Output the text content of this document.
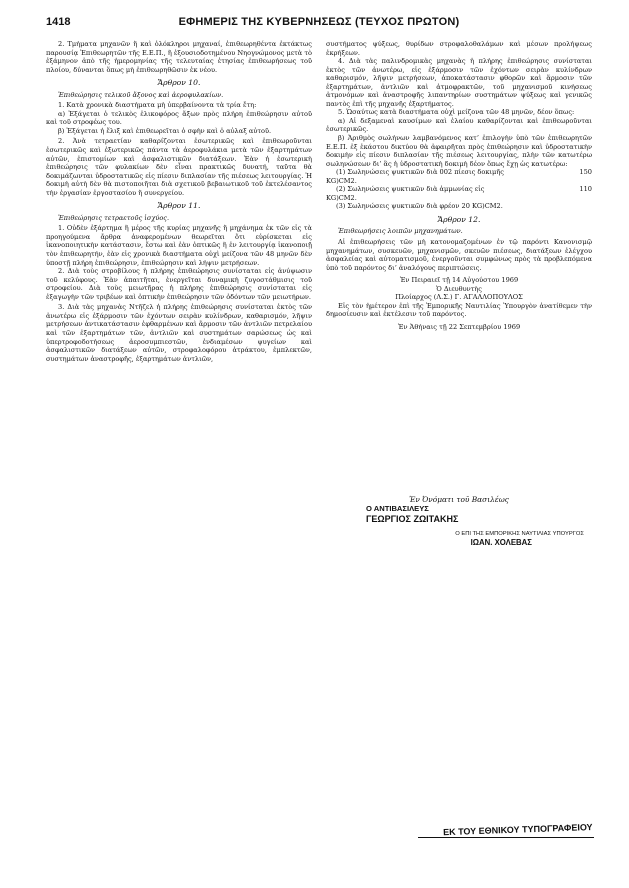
1418	ΕΦΗΜΕΡΙΣ ΤΗΣ ΚΥΒΕΡΝΗΣΕΩΣ (ΤΕΥΧΟΣ ΠΡΩΤΟΝ)

2. Τμήματα μηχανῶν ἢ καὶ ὁλόκληροι μηχαναί, ἐπιθεωρηθέντα ἐκτάκτως παρουσίᾳ Ἐπιθεωρητῶν τῆς Ε.Ε.Π., ἢ ἐξουσιοδοτημένου Νηογνώμονος μετὰ τὸ ἐξάμηνον ἀπὸ τῆς ἡμερομηνίας τῆς τελευταίας ἐτησίας ἐπιθεωρήσεως τοῦ πλοίου, δύνανται ὅπως μὴ ἐπιθεωρηθῶσιν ἐκ νέου.

Ἄρθρον 10.

Ἐπιθεώρησις τελικοῦ ἄξονος καὶ ἀεροφυλακίων.

1. Κατὰ χρονικὰ διαστήματα μὴ ὑπερβαίνοντα τὰ τρία ἔτη:

α) Ἐξάγεται ὁ τελικὸς ἑλικοφόρος ἄξων πρὸς πλήρη ἐπιθεώρησιν αὐτοῦ καὶ τοῦ στροφέως του.

β) Ἐξάγεται ἡ ἕλιξ καὶ ἐπιθεωρεῖται ὁ σφὴν καὶ ὁ αὐλαξ αὐτοῦ.

2. Ἀνὰ τετραετίαν καθαρίζονται ἐσωτερικῶς καὶ ἐπιθεωροῦνται ἐσωτερικῶς καὶ ἐξωτερικῶς πάντα τὰ ἀεροφυλάκια μετὰ τῶν ἐξαρτημάτων αὐτῶν, ἐπιστομίων καὶ ἀσφαλιστικῶν διατάξεων. Ἐὰν ἡ ἐσωτερικὴ ἐπιθεώρησις τῶν φυλακίων δὲν εἶναι πρακτικῶς δυνατή, ταῦτα θὰ δοκιμάζωνται ὑδροστατικῶς εἰς πίεσιν διπλασίαν τῆς πιέσεως λειτουργίας. Ἡ δοκιμὴ αὐτὴ δὲν θὰ πιστοποιῆται διὰ σχετικοῦ βεβαιωτικοῦ τοῦ ἐκτελέσαντος τὴν ἐργασίαν ἐργοστασίου ἢ συνεργείου.

Ἄρθρον 11.

Ἐπιθεώρησις τετραετοῦς ἰσχύος.

1. Οὐδὲν ἐξάρτημα ἢ μέρος τῆς κυρίας μηχανῆς ἢ μηχάνημα ἐκ τῶν εἰς τὰ προηγούμενα ἄρθρα ἀναφερομένων θεωρεῖται ὅτι εὑρίσκεται εἰς ἱκανοποιητικὴν κατάστασιν, ἔστω καὶ ἐὰν ὀπτικῶς ἢ ἐν λειτουργίᾳ ἱκανοποιῇ τὸν ἐπιθεωρητήν, ἐὰν εἰς χρονικὰ διαστήματα οὐχὶ μείζονα τῶν 48 μηνῶν δὲν ὑποστῇ πλήρη ἐπιθεώρησιν, ἐπιθεώρησιν καὶ λήψιν μετρήσεων.

2. Διὰ τοὺς στροβίλους ἡ πλήρης ἐπιθεώρησις συνίσταται εἰς ἀνύψωσιν τοῦ κελύφους. Ἐὰν ἀπαιτῆται, ἐνεργεῖται δυναμικὴ ζυγοστάθμισις τοῦ στροφείου. Διὰ τοὺς μειωτῆρας ἡ πλήρης ἐπιθεώρησις συνίσταται εἰς ἐξαγωγὴν τῶν τριβέων καὶ ὀπτικὴν ἐπιθεώρησιν τῶν ὀδόντων τῶν μειωτήρων.

3. Διὰ τὰς μηχανὰς Ντῆζελ ἡ πλήρης ἐπιθεώρησις συνίσταται ἐκτὸς τῶν ἀνωτέρω εἰς ἐξάρμοσιν τῶν ἐχόντων σειρὰν κυλίνδρων, καθαρισμόν, λῆψιν μετρήσεων ἀντικατάστασιν ἐφθαρμένων καὶ ἅρμοσιν τῶν ἀντλιῶν πετρελαίου καὶ τῶν ἐξαρτημάτων τῶν, ἀντλιῶν καὶ συστημάτων σαρώσεως ὡς καὶ ὑπερτροφοδοτήσεως ἀεροσυμπιεστῶν, ἐνδιαμέσων ψυγείων καὶ ἀσφαλιστικῶν διατάξεων αὐτῶν, στροφαλοφόρου ἀτράκτου, ἐμπλεκτῶν, συστημάτων ἀναστροφῆς, ἐξαρτημάτων ἀντλιῶν,

συστήματος ψύξεως, θυρίδων στροφαλοθαλάμων καὶ μέσων προλήψεως ἐκρήξεων.

4. Διὰ τὰς παλινδρομικὰς μηχανὰς ἡ πλήρης ἐπιθεώρησις συνίσταται ἐκτὸς τῶν ἀνωτέρω, εἰς ἐξάρμοσιν τῶν ἐχόντων σειρὰν κυλίνδρων καθαρισμόν, λῆψιν μετρήσεων, ἀποκατάστασιν φθορῶν καὶ ἅρμοσιν τῶν ἐξαρτημάτων, ἀντλιῶν καὶ ἀτμοφρακτῶν, τοῦ μηχανισμοῦ κινήσεως ἀτμονόμων καὶ ἀναστροφῆς λιπαντηρίων συστημάτων ψύξεως καὶ γενικῶς παντὸς ἐπὶ τῆς μηχανῆς ἐξαρτήματος.

5. Ὡσαύτως κατὰ διαστήματα οὐχὶ μείζονα τῶν 48 μηνῶν, δέον ὅπως:

α) Αἱ δεξαμεναὶ καυσίμων καὶ ἐλαίου καθαρίζονται καὶ ἐπιθεωροῦνται ἐσωτερικῶς.

β) Ἀριθμὸς σωλήνων λαμβανόμενος κατ’ ἐπιλογὴν ὑπὸ τῶν ἐπιθεωρητῶν Ε.Ε.Π. ἐξ ἑκάστου δικτύου θὰ ἀφαιρῆται πρὸς ἐπιθεώρησιν καὶ ὑδροστατικὴν δοκιμὴν εἰς πίεσιν διπλασίαν τῆς πιέσεως λειτουργίας, πλὴν τῶν κατωτέρω σωληνώσεων δι’ ἃς ἡ ὑδροστατικὴ δοκιμὴ δέον ὅπως ἔχῃ ὡς κατωτέρω:

(1) Σωληνώσεις ψυκτικῶν διὰ 002 πίεσις δοκιμῆς	150

KG)CM2.

(2) Σωληνώσεις ψυκτικῶν διὰ ἀμμωνίας εἰς	110

KG)CM2.

(3) Σωληνώσεις ψυκτικῶν διὰ φρέον 20 KG)CM2.

Ἄρθρον 12.

Ἐπιθεωρήσεις λοιπῶν μηχανημάτων.

Αἱ ἐπιθεωρήσεις τῶν μὴ κατονομαζομένων ἐν τῷ παρόντι Κανονισμῷ μηχανημάτων, συσκευῶν, μηχανισμῶν, σκευῶν πιέσεως, διατάξεων ἐλέγχου ἀσφαλείας καὶ αὐτοματισμοῦ, ἐνεργοῦνται συμφώνως πρὸς τὰ προβλεπόμενα ὑπὸ τοῦ παρόντος δι’ ἀναλόγους περιπτώσεις.

Ἐν Πειραιεῖ τῇ 14 Αὐγούστου 1969

Ὁ Διευθυντὴς

Πλοίαρχος (Λ.Σ.) Γ. ΑΓΑΛΛΟΠΟΥΛΟΣ

Εἰς τὸν ἡμέτερον ἐπὶ τῆς Ἐμπορικῆς Ναυτιλίας Ὑπουργὸν ἀνατίθεμεν τὴν δημοσίευσιν καὶ ἐκτέλεσιν τοῦ παρόντος.

Ἐν Ἀθήναις τῇ 22 Σεπτεμβρίου 1969

Ἐν Ὀνόματι τοῦ Βασιλέως
Ο ΑΝΤΙΒΑΣΙΛΕΥΣ
ΓΕΩΡΓΙΟΣ ΖΩΙΤΑΚΗΣ
Ο ΕΠΙ ΤΗΣ ΕΜΠΟΡΙΚΗΣ ΝΑΥΤΙΛΙΑΣ ΥΠΟΥΡΓΟΣ
ΙΩΑΝ. ΧΟΛΕΒΑΣ
ΕΚ ΤΟΥ ΕΘΝΙΚΟΥ ΤΥΠΟΓΡΑΦΕΙΟΥ
